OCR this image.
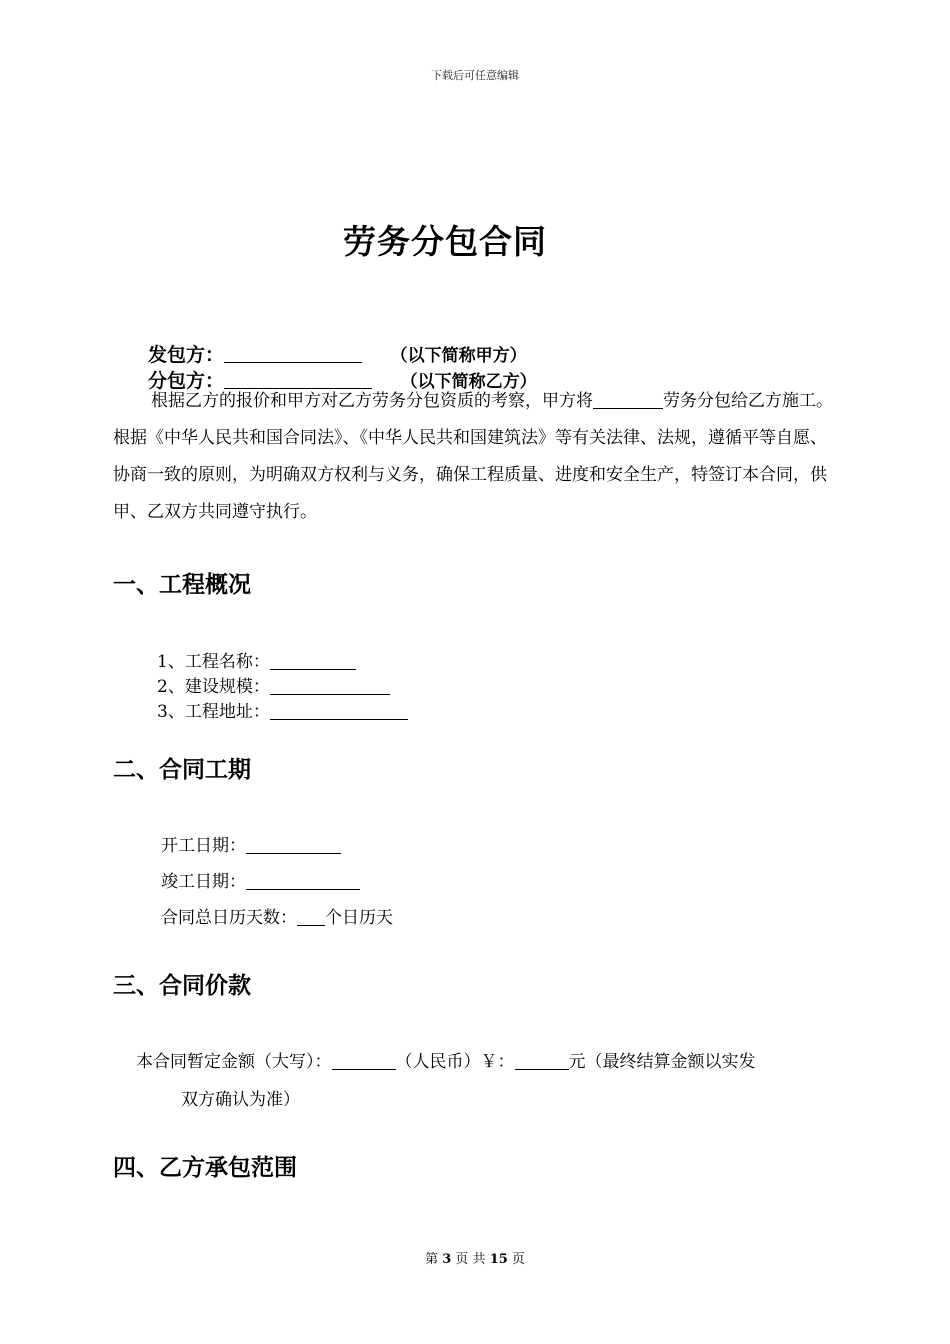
下载后可任意编辑
劳务分包合同
发包方：	（以下简称甲方）
分包方：	（以下简称乙方）
根据乙方的报价和甲方对乙方劳务分包资质的考察，甲方将	劳务分包给乙方施工。根据《中华人民共和国合同法》、《中华人民共和国建筑法》等有关法律、法规，遵循平等自愿、协商一致的原则，为明确双方权利与义务，确保工程质量、进度和安全生产，特签订本合同，供甲、乙双方共同遵守执行。
一、工程概况
1、工程名称：
2、建设规模：
3、工程地址：
二、合同工期
开工日期：
竣工日期：
合同总日历天数： 个日历天
三、合同价款
本合同暂定金额（大写）：	（人民币）￥：	元（最终结算金额以实发
双方确认为准）
四、乙方承包范围
第 3 页 共 15 页
